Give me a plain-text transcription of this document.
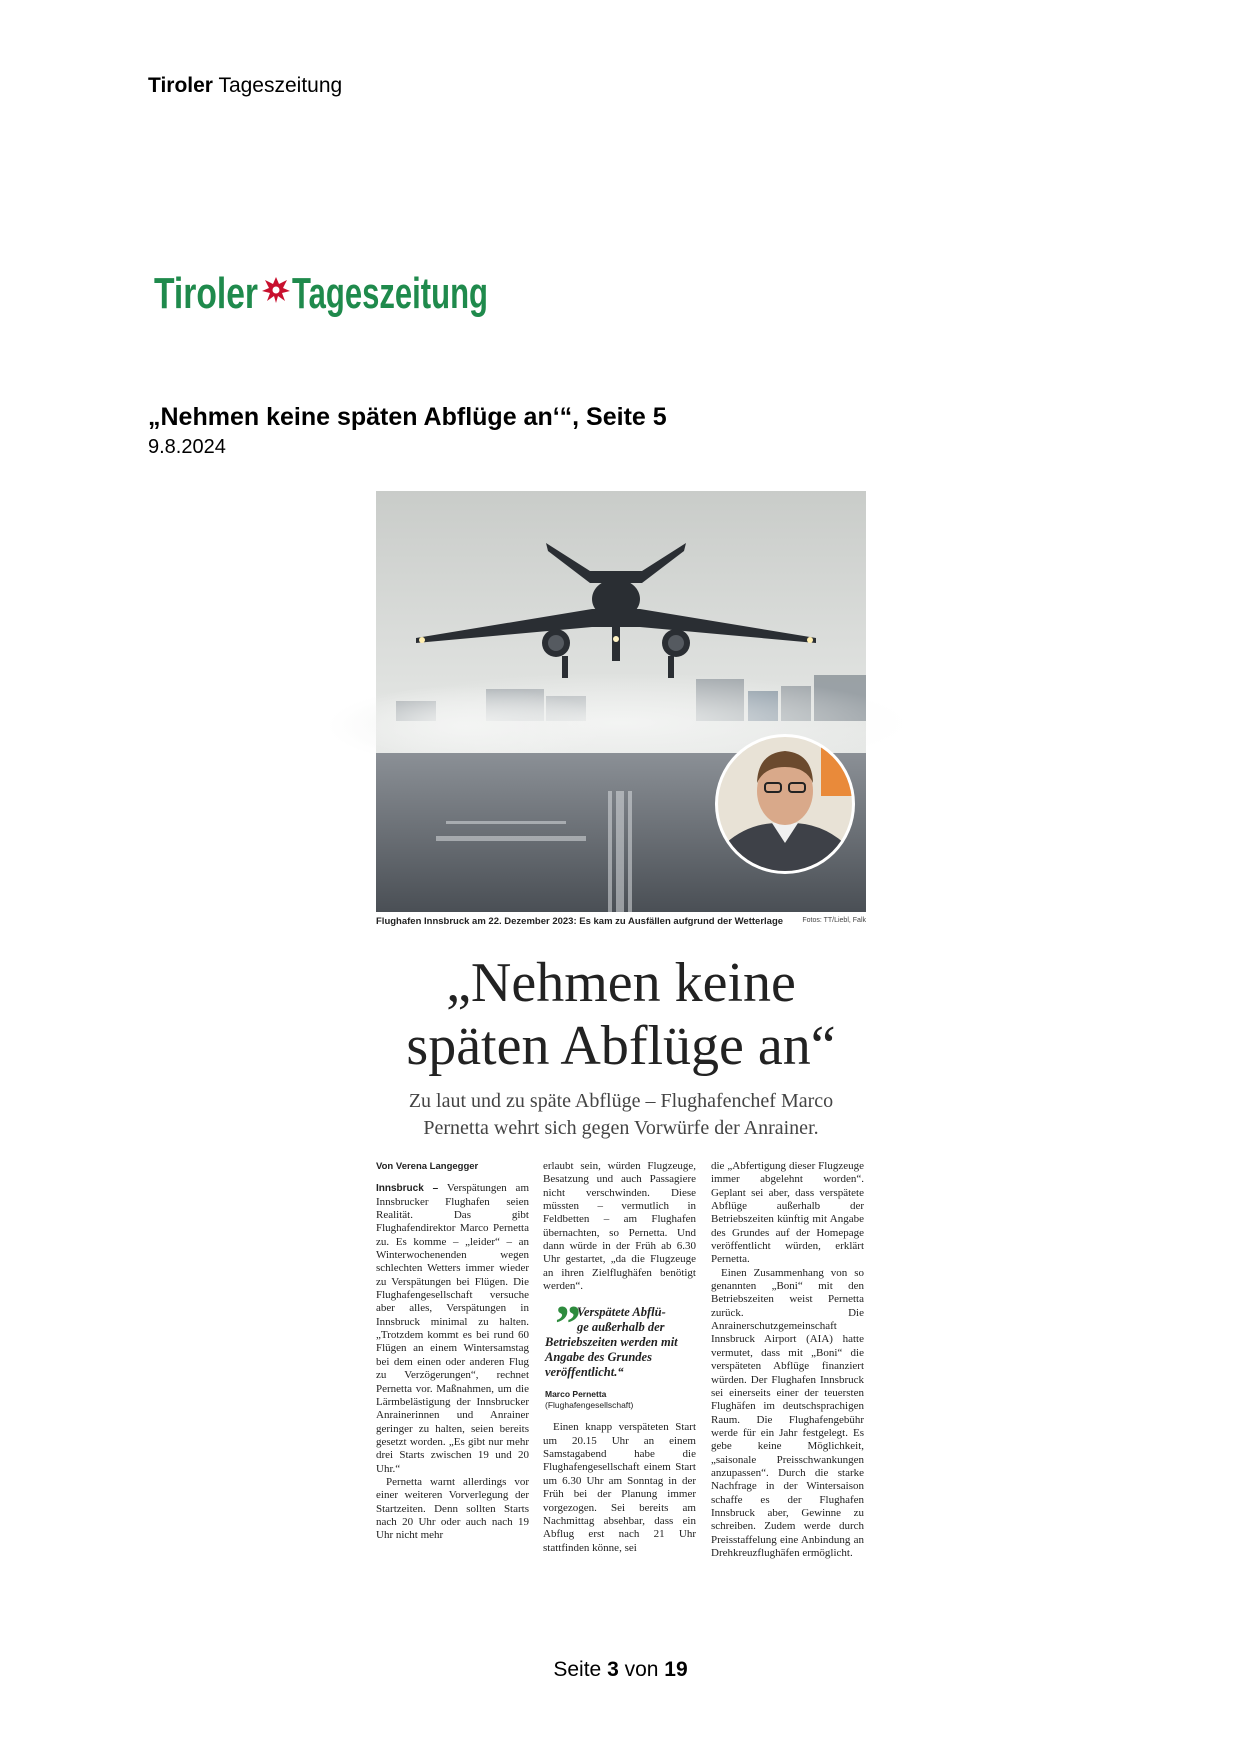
Tiroler Tageszeitung
Tiroler Tageszeitung
„Nehmen keine späten Abflüge an‘“, Seite 5
9.8.2024
Flughafen Innsbruck am 22. Dezember 2023: Es kam zu Ausfällen aufgrund der Wetterlage	Fotos: TT/Liebl, Falk
„Nehmen keine
späten Abflüge an“
Zu laut und zu späte Abflüge – Flughafenchef Marco
Pernetta wehrt sich gegen Vorwürfe der Anrainer.
Von Verena Langegger

Innsbruck – Verspätungen am Innsbrucker Flughafen seien Realität. Das gibt Flughafendirektor Marco Pernetta zu. Es komme – „leider“ – an Winterwochenenden wegen schlechten Wetters immer wieder zu Verspätungen bei Flügen. Die Flughafengesellschaft versuche aber alles, Verspätungen in Innsbruck minimal zu halten. „Trotzdem kommt es bei rund 60 Flügen an einem Wintersamstag bei dem einen oder anderen Flug zu Verzögerungen“, rechnet Pernetta vor. Maßnahmen, um die Lärmbelästigung der Innsbrucker Anrainerinnen und Anrainer geringer zu halten, seien bereits gesetzt worden. „Es gibt nur mehr drei Starts zwischen 19 und 20 Uhr.“

Pernetta warnt allerdings vor einer weiteren Vorverlegung der Startzeiten. Denn sollten Starts nach 20 Uhr oder auch nach 19 Uhr nicht mehr

erlaubt sein, würden Flugzeuge, Besatzung und auch Passagiere nicht verschwinden. Diese müssten – vermutlich in Feldbetten – am Flughafen übernachten, so Pernetta. Und dann würde in der Früh ab 6.30 Uhr gestartet, „da die Flugzeuge an ihren Zielflughäfen benötigt werden“.

”
Verspätete Abflü-
ge außerhalb der
Betriebszeiten werden mit Angabe des Grundes veröffentlicht.“
Marco Pernetta
(Flughafengesellschaft)

Einen knapp verspäteten Start um 20.15 Uhr an einem Samstagabend habe die Flughafengesellschaft einem Start um 6.30 Uhr am Sonntag in der Früh bei der Planung immer vorgezogen. Sei bereits am Nachmittag absehbar, dass ein Abflug erst nach 21 Uhr stattfinden könne, sei

die „Abfertigung dieser Flugzeuge immer abgelehnt worden“. Geplant sei aber, dass verspätete Abflüge außerhalb der Betriebszeiten künftig mit Angabe des Grundes auf der Homepage veröffentlicht würden, erklärt Pernetta.

Einen Zusammenhang von so genannten „Boni“ mit den Betriebszeiten weist Pernetta zurück. Die Anrainerschutzgemeinschaft Innsbruck Airport (AIA) hatte vermutet, dass mit „Boni“ die verspäteten Abflüge finanziert würden. Der Flughafen Innsbruck sei einerseits einer der teuersten Flughäfen im deutschsprachigen Raum. Die Flughafengebühr werde für ein Jahr festgelegt. Es gebe keine Möglichkeit, „saisonale Preisschwankungen anzupassen“. Durch die starke Nachfrage in der Wintersaison schaffe es der Flughafen Innsbruck aber, Gewinne zu schreiben. Zudem werde durch Preisstaffelung eine Anbindung an Drehkreuzflughäfen ermöglicht.

Seite 3 von 19
